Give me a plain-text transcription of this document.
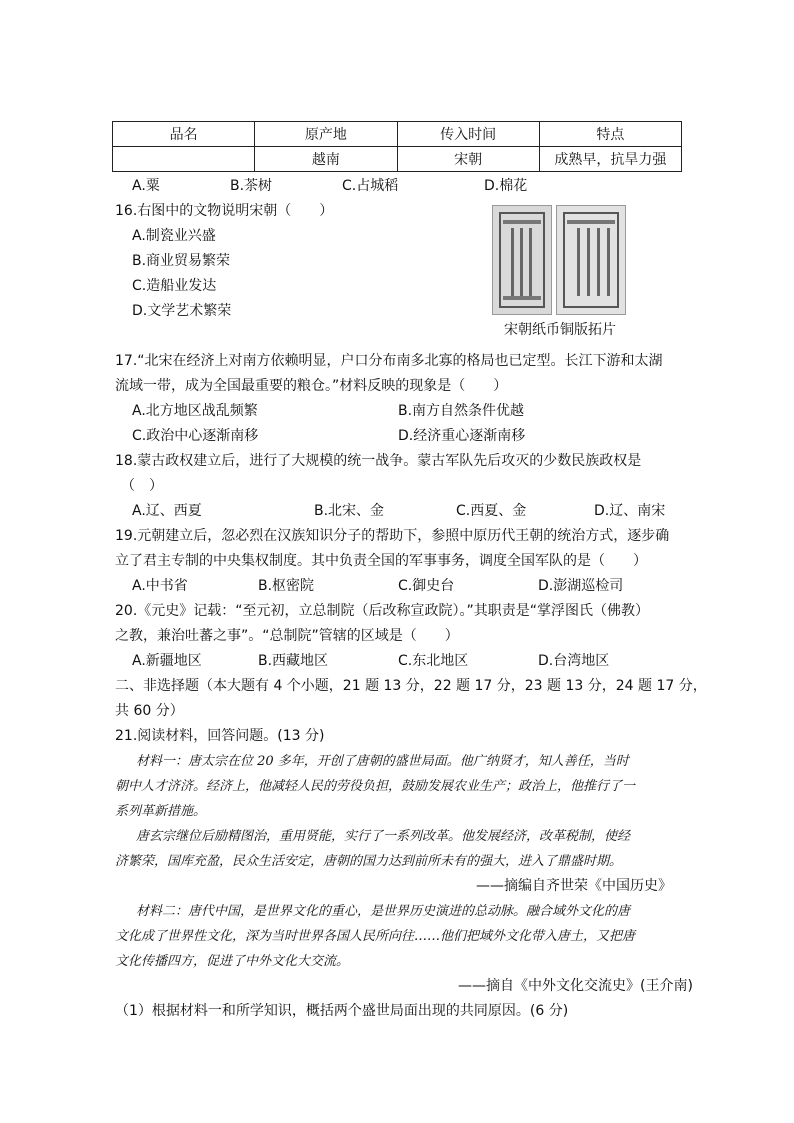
品名	原产地	传入时间	特点
	越南	宋朝	成熟早，抗旱力强
A.粟	B.茶树	C.占城稻	D.棉花
16.右图中的文物说明宋朝（　　）
A.制瓷业兴盛
B.商业贸易繁荣
C.造船业发达
D.文学艺术繁荣
宋朝纸币铜版拓片
17.“北宋在经济上对南方依赖明显，户口分布南多北寡的格局也已定型。长江下游和太湖
流域一带，成为全国最重要的粮仓。”材料反映的现象是（　　）
A.北方地区战乱频繁	B.南方自然条件优越
C.政治中心逐渐南移	D.经济重心逐渐南移
18.蒙古政权建立后，进行了大规模的统一战争。蒙古军队先后攻灭的少数民族政权是
（　）
A.辽、西夏	B.北宋、金	C.西夏、金	D.辽、南宋
19.元朝建立后，忽必烈在汉族知识分子的帮助下，参照中原历代王朝的统治方式，逐步确
立了君主专制的中央集权制度。其中负责全国的军事事务，调度全国军队的是（　　）
A.中书省	B.枢密院	C.御史台	D.澎湖巡检司
20.《元史》记载：“至元初，立总制院（后改称宣政院）。”其职责是“掌浮图氏（佛教）
之教，兼治吐蕃之事”。“总制院”管辖的区域是（　　）
A.新疆地区	B.西藏地区	C.东北地区	D.台湾地区
二、非选择题（本大题有 4 个小题，21 题 13 分，22 题 17 分，23 题 13 分，24 题 17 分，
共 60 分）
21.阅读材料，回答问题。(13 分)
材料一：唐太宗在位 20 多年，开创了唐朝的盛世局面。他广纳贤才，知人善任，当时
朝中人才济济。经济上，他减轻人民的劳役负担，鼓励发展农业生产；政治上，他推行了一
系列革新措施。
唐玄宗继位后励精图治，重用贤能，实行了一系列改革。他发展经济，改革税制，使经
济繁荣，国库充盈，民众生活安定，唐朝的国力达到前所未有的强大，进入了鼎盛时期。
——摘编自齐世荣《中国历史》
材料二：唐代中国，是世界文化的重心，是世界历史演进的总动脉。融合域外文化的唐
文化成了世界性文化，深为当时世界各国人民所向往……他们把域外文化带入唐土，又把唐
文化传播四方，促进了中外文化大交流。
——摘自《中外文化交流史》(王介南)
（1）根据材料一和所学知识，概括两个盛世局面出现的共同原因。(6 分)
